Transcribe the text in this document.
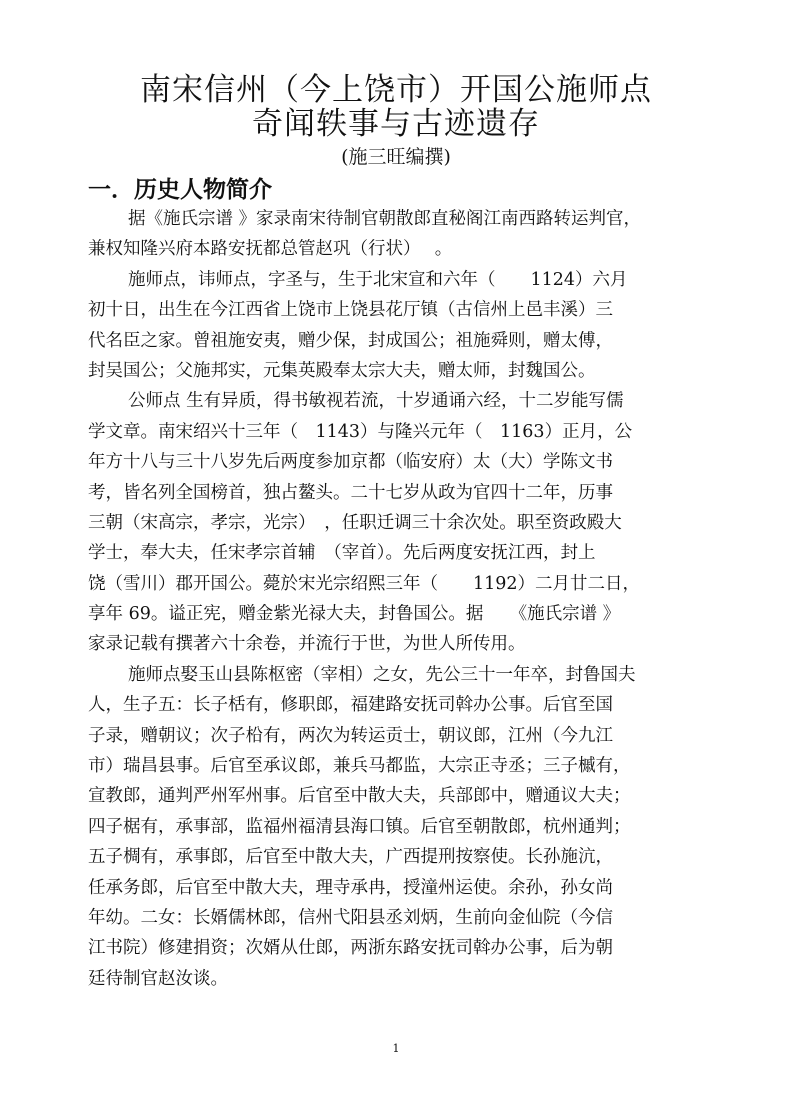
南宋信州（今上饶市）开国公施师点
奇闻轶事与古迹遗存
(施三旺编撰)
一．历史人物简介
据《施氏宗谱 》家录南宋待制官朝散郎直秘阁江南西路转运判官，
兼权知隆兴府本路安抚都总管赵巩（行状）　 。
施师点，讳师点，字圣与，生于北宋宣和六年（　　1124）六月
初十日，出生在今江西省上饶市上饶县花厅镇（古信州上邑丰溪）三
代名臣之家。曾祖施安夷，赠少保，封成国公；祖施舜则，赠太傅，
封吴国公；父施邦实，元集英殿奉太宗大夫，赠太师，封魏国公。
公师点 生有异质，得书敏视若流，十岁通诵六经，十二岁能写儒
学文章。南宋绍兴十三年（　1143）与隆兴元年（　1163）正月，公
年方十八与三十八岁先后两度参加京都（临安府）太（大）学陈文书
考，皆名列全国榜首，独占鳌头。二十七岁从政为官四十二年，历事
三朝（宋高宗，孝宗，光宗）　，任职迁调三十余次处。职至资政殿大
学士，奉大夫，任宋孝宗首辅　（宰首）。先后两度安抚江西，封上
饶（雪川）郡开国公。薨於宋光宗绍熙三年（　　1192）二月廿二日，
享年 69。谥正宪，赠金紫光禄大夫，封鲁国公。据　　《施氏宗谱 》
家录记载有撰著六十余卷，并流行于世，为世人所传用。
施师点娶玉山县陈枢密（宰相）之女，先公三十一年卒，封鲁国夫
人，生子五：长子栝有，修职郎，福建路安抚司斡办公事。后官至国
子录，赠朝议；次子柗有，两次为转运贡士，朝议郎，江州（今九江
市）瑞昌县事。后官至承议郎，兼兵马都监，大宗正寺丞；三子槭有，
宣教郎，通判严州军州事。后官至中散大夫，兵部郎中，赠通议大夫；
四子椐有，承事部，监福州福清县海口镇。后官至朝散郎，杭州通判；
五子椆有，承事郎，后官至中散大夫，广西提刑按察使。长孙施沆，
任承务郎，后官至中散大夫，理寺承冉，授潼州运使。余孙，孙女尚
年幼。二女：长婿儒林郎，信州弋阳县丞刘炳，生前向金仙院（今信
江书院）修建捐资；次婿从仕郎，两浙东路安抚司斡办公事，后为朝
廷待制官赵汝谈。
1
